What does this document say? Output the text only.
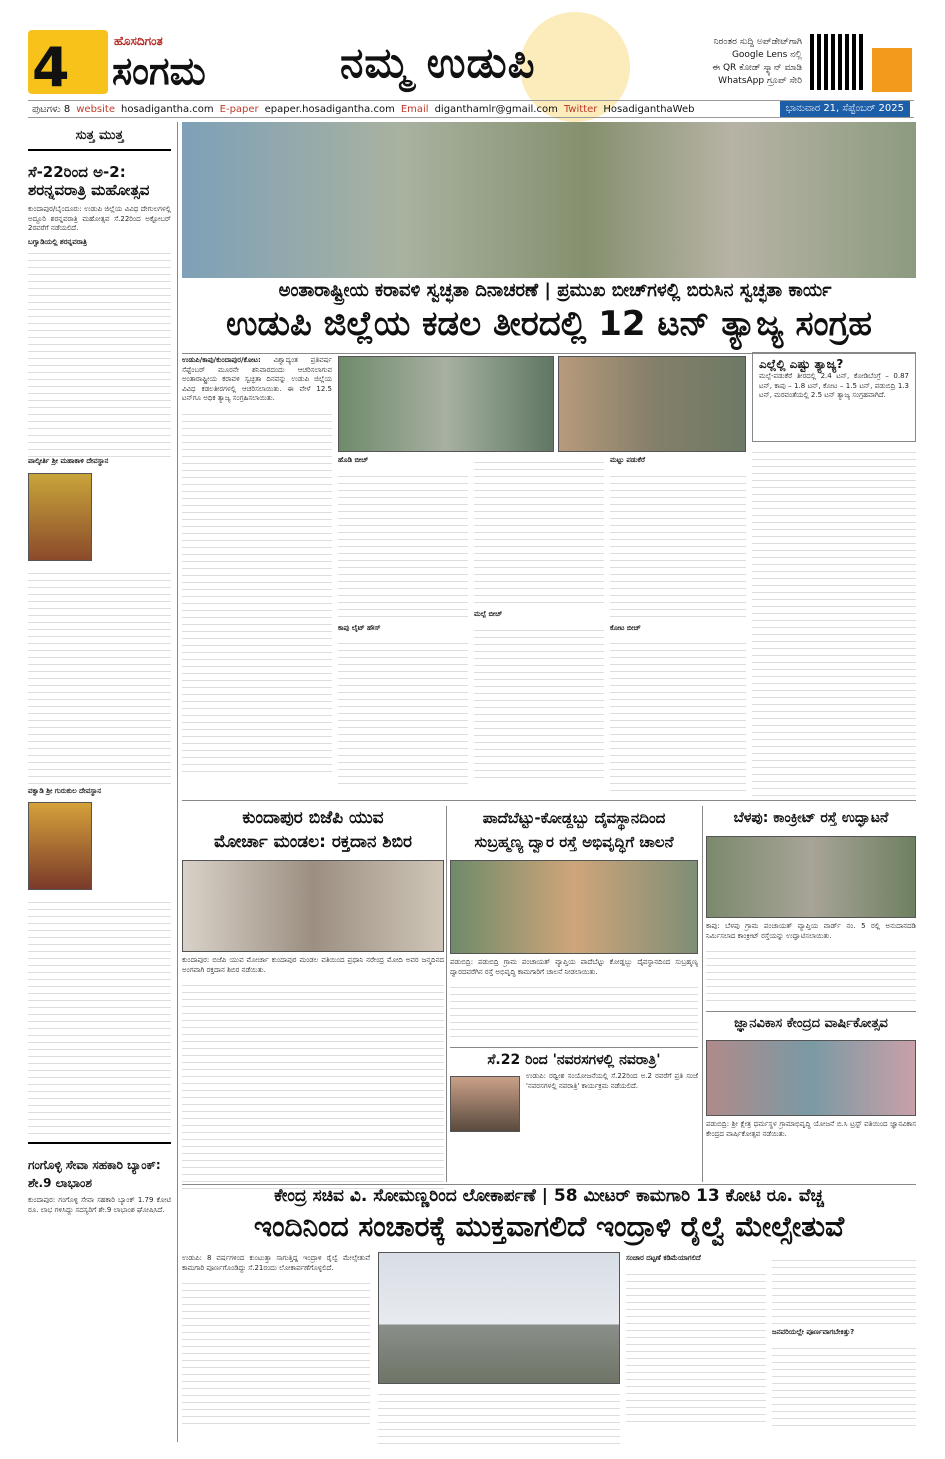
4	ಹೊಸದಿಗಂತ
ಸಂಗಮ	ನಮ್ಮ ಉಡುಪಿ	ನಿರಂತರ ಸುದ್ದಿ ಅಪ್‌ಡೇಟ್‌ಗಾಗಿ
Google Lens ನಲ್ಲಿ
ಈ QR ಕೋಡ್ ಸ್ಕ್ಯಾನ್ ಮಾಡಿ
WhatsApp ಗ್ರೂಪ್ ಸೇರಿ
ಪುಟಗಳು 8 website hosadigantha.com E-paper epaper.hosadigantha.com Email diganthamlr@gmail.com Twitter HosadiganthaWeb	ಭಾನುವಾರ 21, ಸೆಪ್ಟೆಂಬರ್ 2025
ಸುತ್ತ ಮುತ್ತ
ಸೆ-22ರಿಂದ ಅ-2: ಶರನ್ನವರಾತ್ರಿ ಮಹೋತ್ಸವ

ಕುಂದಾಪುರ/ಬೈಂದೂರು: ಉಡುಪಿ ಜಿಲ್ಲೆಯ ವಿವಿಧ ದೇಗುಲಗಳಲ್ಲಿ ಅದ್ದೂರಿ ಶರನ್ನವರಾತ್ರಿ ಮಹೋತ್ಸವ ಸೆ.22ರಿಂದ ಅಕ್ಟೋಬರ್ 2ರವರೆಗೆ ನಡೆಯಲಿದೆ.

ಬಗ್ವಾಡಿಯಲ್ಲಿ ಶರನ್ನವರಾತ್ರಿ

ಪಾಲ್ಕೀರ್ತಿ ಶ್ರೀ ಮಹಾಕಾಳಿ ದೇವಸ್ಥಾನ

ವಕ್ವಾಡಿ ಶ್ರೀ ಗುರುಕುಲ ದೇವಸ್ಥಾನ

ಗಂಗೊಳ್ಳಿ ಸೇವಾ ಸಹಕಾರಿ ಬ್ಯಾಂಕ್: ಶೇ.9 ಲಾಭಾಂಶ

ಕುಂದಾಪುರ: ಗಂಗೊಳ್ಳಿ ಸೇವಾ ಸಹಕಾರಿ ಬ್ಯಾಂಕ್ 1.79 ಕೋಟಿ ರೂ. ಲಾಭ ಗಳಿಸಿದ್ದು ಸದಸ್ಯರಿಗೆ ಶೇ.9 ಲಾಭಾಂಶ ಘೋಷಿಸಿದೆ.

ಅಂತಾರಾಷ್ಟ್ರೀಯ ಕರಾವಳಿ ಸ್ವಚ್ಛತಾ ದಿನಾಚರಣೆ | ಪ್ರಮುಖ ಬೀಚ್‌ಗಳಲ್ಲಿ ಬಿರುಸಿನ ಸ್ವಚ್ಛತಾ ಕಾರ್ಯ
ಉಡುಪಿ ಜಿಲ್ಲೆಯ ಕಡಲ ತೀರದಲ್ಲಿ 12 ಟನ್ ತ್ಯಾಜ್ಯ ಸಂಗ್ರಹ
ಉಡುಪಿ/ಕಾಪು/ಕುಂದಾಪುರ/ಕೋಟ: ವಿಶ್ವಾದ್ಯಂತ ಪ್ರತಿವರ್ಷ ಸೆಪ್ಟೆಂಬರ್ ಮೂರನೇ ಶನಿವಾರದಂದು ಆಚರಿಸಲಾಗುವ ಅಂತಾರಾಷ್ಟ್ರೀಯ ಕರಾವಳಿ ಸ್ವಚ್ಛತಾ ದಿನವನ್ನು ಉಡುಪಿ ಜಿಲ್ಲೆಯ ವಿವಿಧ ಕಡಲತೀರಗಳಲ್ಲಿ ಆಚರಿಸಲಾಯಿತು. ಈ ವೇಳೆ 12.5 ಟನ್‌ಗೂ ಅಧಿಕ ತ್ಯಾಜ್ಯ ಸಂಗ್ರಹಿಸಲಾಯಿತು.
ಹೊಡಿ ಬೀಚ್
ಕಾಪು ಲೈಟ್ ಹೌಸ್
ಮಲ್ಪೆ ಬೀಚ್
ಮಟ್ಟು ಪಡುಕೆರೆ
ಕೋಟ ಬೀಚ್
ಎಲ್ಲೆಲ್ಲಿ ಎಷ್ಟು ತ್ಯಾಜ್ಯ?

ಮಲ್ಪೆ-ಪಡುಕೆರೆ ತೀರದಲ್ಲಿ 2.4 ಟನ್, ಕೋಡಿಬೆಂಗ್ರೆ – 0.87 ಟನ್, ಕಾಪು – 1.8 ಟನ್, ಕೋಟ – 1.5 ಟನ್, ಪಡುಬಿದ್ರಿ 1.3 ಟನ್, ಮರವಂತೆಯಲ್ಲಿ 2.5 ಟನ್ ತ್ಯಾಜ್ಯ ಸಂಗ್ರಹವಾಗಿದೆ.

ಕುಂದಾಪುರ ಬಿಜೆಪಿ ಯುವ
ಮೋರ್ಚಾ ಮಂಡಲ: ರಕ್ತದಾನ ಶಿಬಿರ

ಕುಂದಾಪುರ: ಬಿಜೆಪಿ ಯುವ ಮೋರ್ಚಾ ಕುಂದಾಪುರ ಮಂಡಲ ವತಿಯಿಂದ ಪ್ರಧಾನಿ ನರೇಂದ್ರ ಮೋದಿ ಅವರ ಜನ್ಮದಿನದ ಅಂಗವಾಗಿ ರಕ್ತದಾನ ಶಿಬಿರ ನಡೆಯಿತು.

ಪಾದೆಬೆಟ್ಟು-ಕೋಡ್ದಬ್ಬು ದೈವಸ್ಥಾನದಿಂದ
ಸುಬ್ರಹ್ಮಣ್ಯ ದ್ವಾರ ರಸ್ತೆ ಅಭಿವೃದ್ಧಿಗೆ ಚಾಲನೆ

ಪಡುಬಿದ್ರಿ: ಪಡುಬಿದ್ರಿ ಗ್ರಾಮ ಪಂಚಾಯತ್ ವ್ಯಾಪ್ತಿಯ ಪಾದೆಬೆಟ್ಟು ಕೋಡ್ದಬ್ಬು ದೈವಸ್ಥಾನದಿಂದ ಸುಬ್ರಹ್ಮಣ್ಯ ದ್ವಾರದವರೆಗಿನ ರಸ್ತೆ ಅಭಿವೃದ್ಧಿ ಕಾಮಗಾರಿಗೆ ಚಾಲನೆ ನೀಡಲಾಯಿತು.

ಸೆ.22 ರಿಂದ 'ನವರಸಗಳಲ್ಲಿ ನವರಾತ್ರಿ'

ಉಡುಪಿ: ರಥ್ವೀಶ ಸಂಯೋಜನೆಯಲ್ಲಿ ಸೆ.22ರಿಂದ ಅ.2 ರವರೆಗೆ ಪ್ರತಿ ಸಂಜೆ 'ನವರಸಗಳಲ್ಲಿ ನವರಾತ್ರಿ' ಕಾರ್ಯಕ್ರಮ ನಡೆಯಲಿದೆ.

ಬೆಳಪು: ಕಾಂಕ್ರೀಟ್ ರಸ್ತೆ ಉದ್ಘಾಟನೆ

ಕಾಪು: ಬೆಳಪು ಗ್ರಾಮ ಪಂಚಾಯತ್ ವ್ಯಾಪ್ತಿಯ ವಾರ್ಡ್ ನಂ. 5 ರಲ್ಲಿ ಅನುದಾನದಡಿ ನಿರ್ಮಿಸಲಾದ ಕಾಂಕ್ರೀಟ್ ರಸ್ತೆಯನ್ನು ಉದ್ಘಾಟಿಸಲಾಯಿತು.

ಜ್ಞಾನವಿಕಾಸ ಕೇಂದ್ರದ ವಾರ್ಷಿಕೋತ್ಸವ

ಪಡುಬಿದ್ರಿ: ಶ್ರೀ ಕ್ಷೇತ್ರ ಧರ್ಮಸ್ಥಳ ಗ್ರಾಮಾಭಿವೃದ್ಧಿ ಯೋಜನೆ ಬಿ.ಸಿ ಟ್ರಸ್ಟ್ ವತಿಯಿಂದ ಜ್ಞಾನವಿಕಾಸ ಕೇಂದ್ರದ ವಾರ್ಷಿಕೋತ್ಸವ ನಡೆಯಿತು.

ಕೇಂದ್ರ ಸಚಿವ ವಿ. ಸೋಮಣ್ಣರಿಂದ ಲೋಕಾರ್ಪಣೆ | 58 ಮೀಟರ್ ಕಾಮಗಾರಿ 13 ಕೋಟಿ ರೂ. ವೆಚ್ಚ
ಇಂದಿನಿಂದ ಸಂಚಾರಕ್ಕೆ ಮುಕ್ತವಾಗಲಿದೆ ಇಂದ್ರಾಳಿ ರೈಲ್ವೆ ಮೇಲ್ಸೇತುವೆ
ಉಡುಪಿ: 8 ವರ್ಷಗಳಿಂದ ಕುಂಟುತ್ತಾ ಸಾಗುತ್ತಿದ್ದ ಇಂದ್ರಾಳಿ ರೈಲ್ವೆ ಮೇಲ್ಸೇತುವೆ ಕಾಮಗಾರಿ ಪೂರ್ಣಗೊಂಡಿದ್ದು ಸೆ.21ರಂದು ಲೋಕಾರ್ಪಣೆಗೊಳ್ಳಲಿದೆ.
ಸಂಚಾರ ದಟ್ಟಣೆ ಕಡಿಮೆಯಾಗಲಿದೆ
ಜನವರಿಯಲ್ಲೇ ಪೂರ್ಣವಾಗಬೇಕಿತ್ತು?
